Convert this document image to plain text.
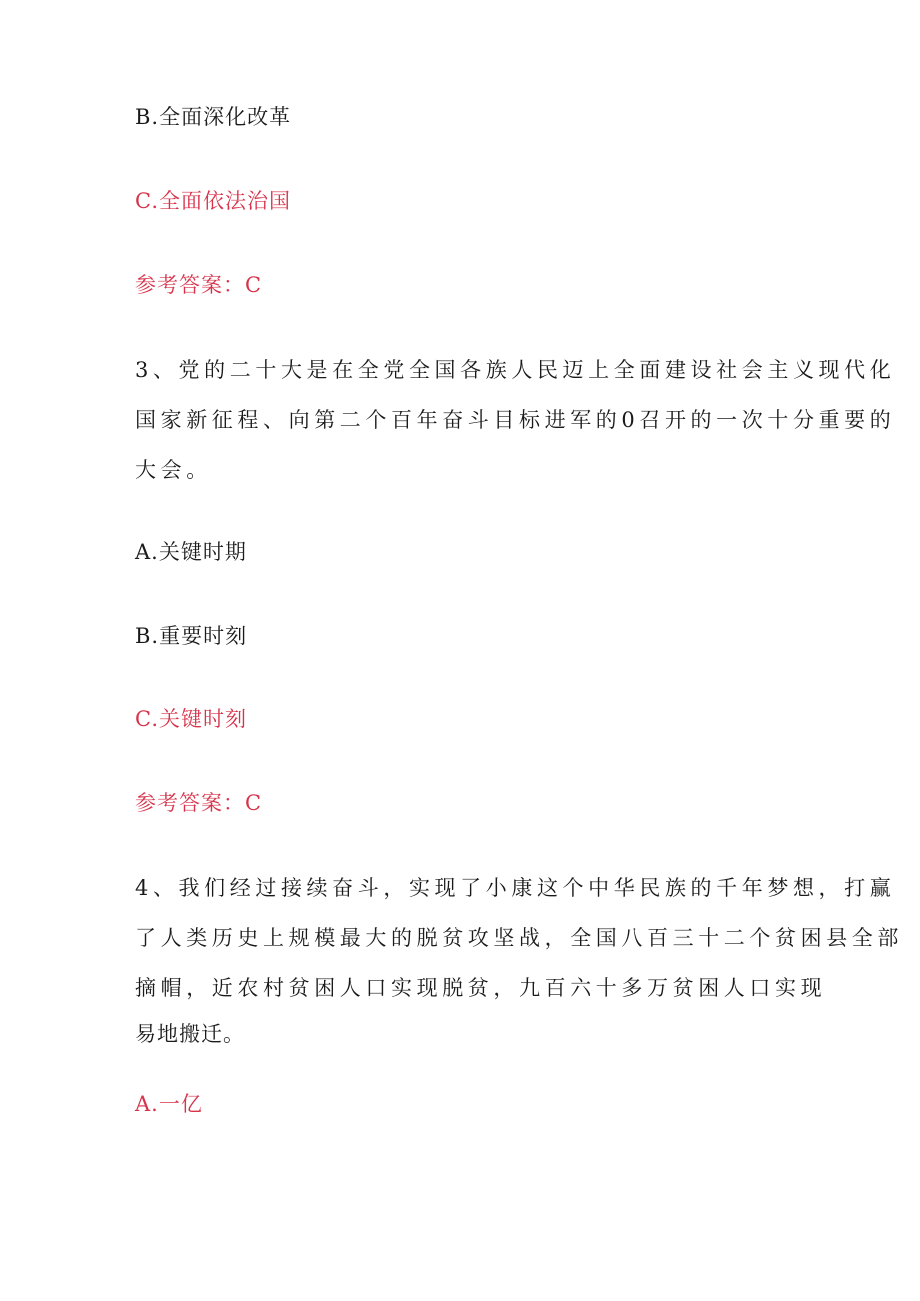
B.全面深化改革
C.全面依法治国
参考答案：C
3、党的二十大是在全党全国各族人民迈上全面建设社会主义现代化
国家新征程、向第二个百年奋斗目标进军的0召开的一次十分重要的
大会。
A.关键时期
B.重要时刻
C.关键时刻
参考答案：C
4、我们经过接续奋斗，实现了小康这个中华民族的千年梦想，打赢
了人类历史上规模最大的脱贫攻坚战，全国八百三十二个贫困县全部
摘帽，近农村贫困人口实现脱贫，九百六十多万贫困人口实现
易地搬迁。
A.一亿
